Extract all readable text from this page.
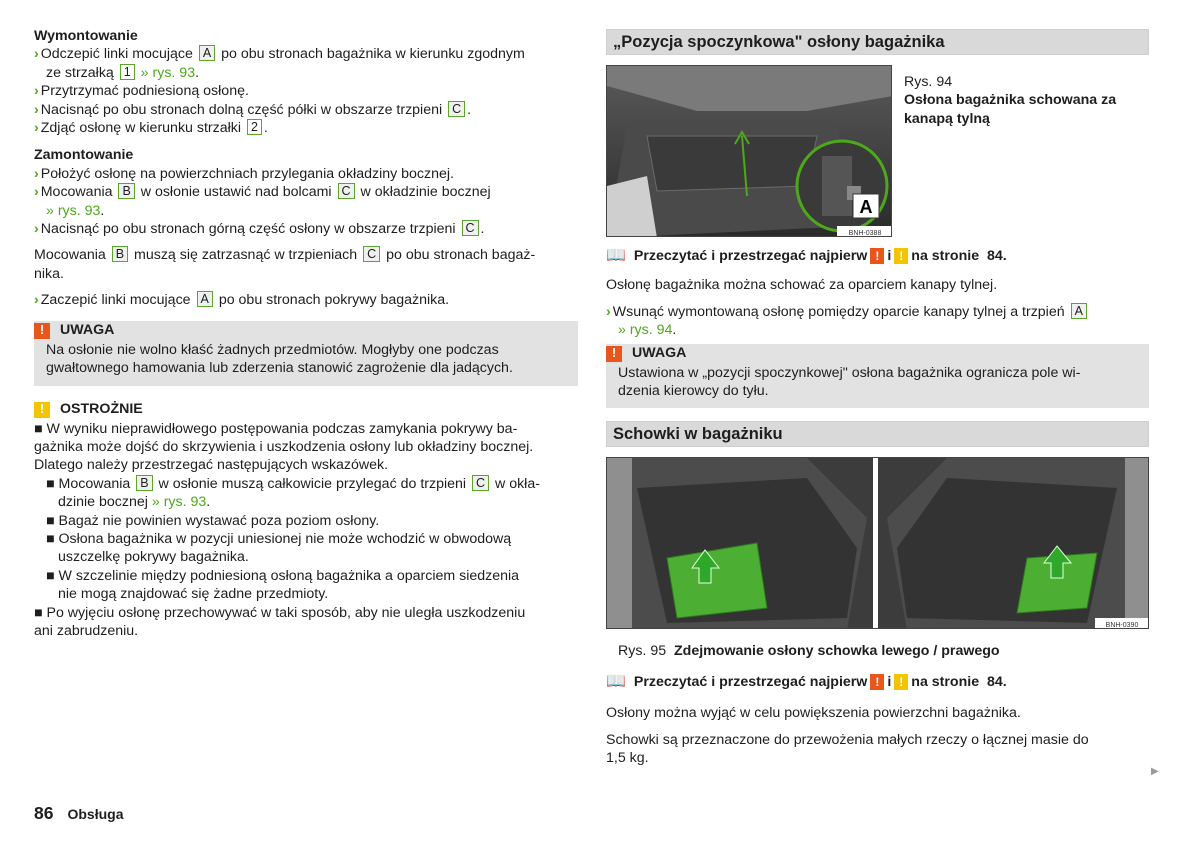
Wymontowanie
› Odczepić linki mocujące A po obu stronach bagażnika w kierunku zgodnym
ze strzałką 1 » rys. 93.
› Przytrzymać podniesioną osłonę.
› Nacisnąć po obu stronach dolną część półki w obszarze trzpieni C .
› Zdjąć osłonę w kierunku strzałki 2 .
Zamontowanie
› Położyć osłonę na powierzchniach przylegania okładziny bocznej.
› Mocowania B w osłonie ustawić nad bolcami C w okładzinie bocznej
» rys. 93.
› Nacisnąć po obu stronach górną część osłony w obszarze trzpieni C .
Mocowania B muszą się zatrzasnąć w trzpieniach C po obu stronach bagaż-
nika.
› Zaczepić linki mocujące A po obu stronach pokrywy bagażnika.
!	UWAGA
Na osłonie nie wolno kłaść żadnych przedmiotów. Mogłyby one podczas
gwałtownego hamowania lub zderzenia stanowić zagrożenie dla jadących.
!	OSTROŻNIE
■ W wyniku nieprawidłowego postępowania podczas zamykania pokrywy ba-
gażnika może dojść do skrzywienia i uszkodzenia osłony lub okładziny bocznej.
Dlatego należy przestrzegać następujących wskazówek.
■ Mocowania B w osłonie muszą całkowicie przylegać do trzpieni C w okła-
dzinie bocznej » rys. 93.
■ Bagaż nie powinien wystawać poza poziom osłony.
■ Osłona bagażnika w pozycji uniesionej nie może wchodzić w obwodową
uszczelkę pokrywy bagażnika.
■ W szczelinie między podniesioną osłoną bagażnika a oparciem siedzenia
nie mogą znajdować się żadne przedmioty.
■ Po wyjęciu osłonę przechowywać w taki sposób, aby nie uległa uszkodzeniu
ani zabrudzeniu.
„Pozycja spoczynkowa" osłony bagażnika
A
BNH-0388
Rys. 94
Osłona bagażnika schowana za kanapą tylną
📖 Przeczytać i przestrzegać najpierw ! i ! na stronie
84.
Osłonę bagażnika można schować za oparciem kanapy tylnej.
› Wsunąć wymontowaną osłonę pomiędzy oparcie kanapy tylnej a trzpień A
» rys. 94.
!	UWAGA
Ustawiona w „pozycji spoczynkowej" osłona bagażnika ogranicza pole wi-
dzenia kierowcy do tyłu.
Schowki w bagażniku
BNH-0390
Rys. 95 Zdejmowanie osłony schowka lewego / prawego
📖 Przeczytać i przestrzegać najpierw ! i ! na stronie
84.
Osłony można wyjąć w celu powiększenia powierzchni bagażnika.
Schowki są przeznaczone do przewożenia małych rzeczy o łącznej masie do
1,5 kg.
▶
86 Obsługa
